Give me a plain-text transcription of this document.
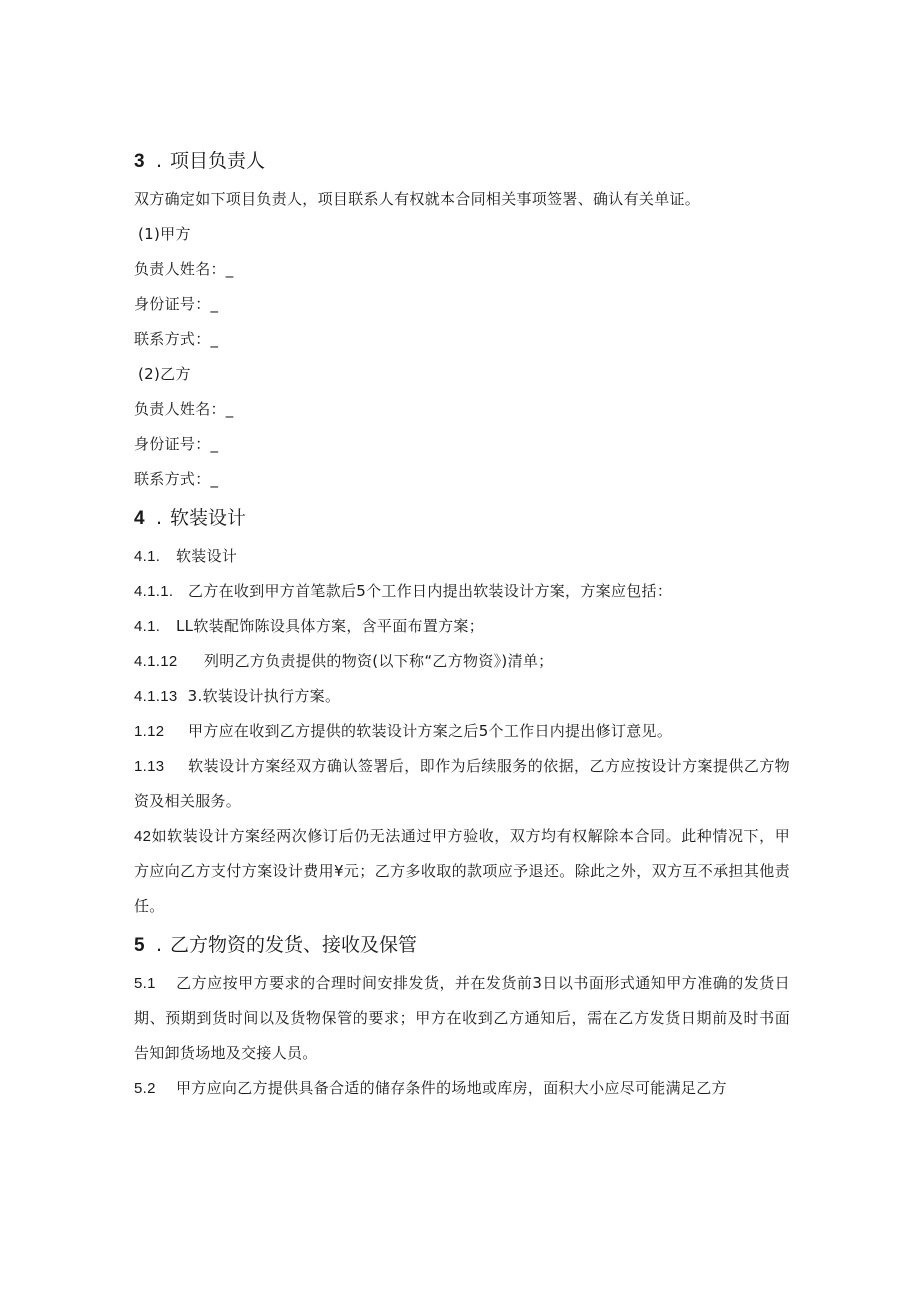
3 . 项目负责人
双方确定如下项目负责人，项目联系人有权就本合同相关事项签署、确认有关单证。
(1)甲方
负责人姓名：_
身份证号：_
联系方式：_
(2)乙方
负责人姓名：_
身份证号：_
联系方式：_
4 . 软装设计
4.1. 软装设计
4.1.1. 乙方在收到甲方首笔款后5个工作日内提出软装设计方案，方案应包括：
4.1. LL软装配饰陈设具体方案，含平面布置方案；
4.1.12 列明乙方负责提供的物资(以下称“乙方物资》)清单；
4.1.13 3.软装设计执行方案。
1.12 甲方应在收到乙方提供的软装设计方案之后5个工作日内提出修订意见。
1.13 软装设计方案经双方确认签署后，即作为后续服务的依据，乙方应按设计方案提供乙方物资及相关服务。
42如软装设计方案经两次修订后仍无法通过甲方验收，双方均有权解除本合同。此种情况下，甲方应向乙方支付方案设计费用¥元；乙方多收取的款项应予退还。除此之外，双方互不承担其他责任。
5 . 乙方物资的发货、接收及保管
5.1 乙方应按甲方要求的合理时间安排发货，并在发货前3日以书面形式通知甲方准确的发货日期、预期到货时间以及货物保管的要求；甲方在收到乙方通知后，需在乙方发货日期前及时书面告知卸货场地及交接人员。
5.2 甲方应向乙方提供具备合适的储存条件的场地或库房，面积大小应尽可能满足乙方
